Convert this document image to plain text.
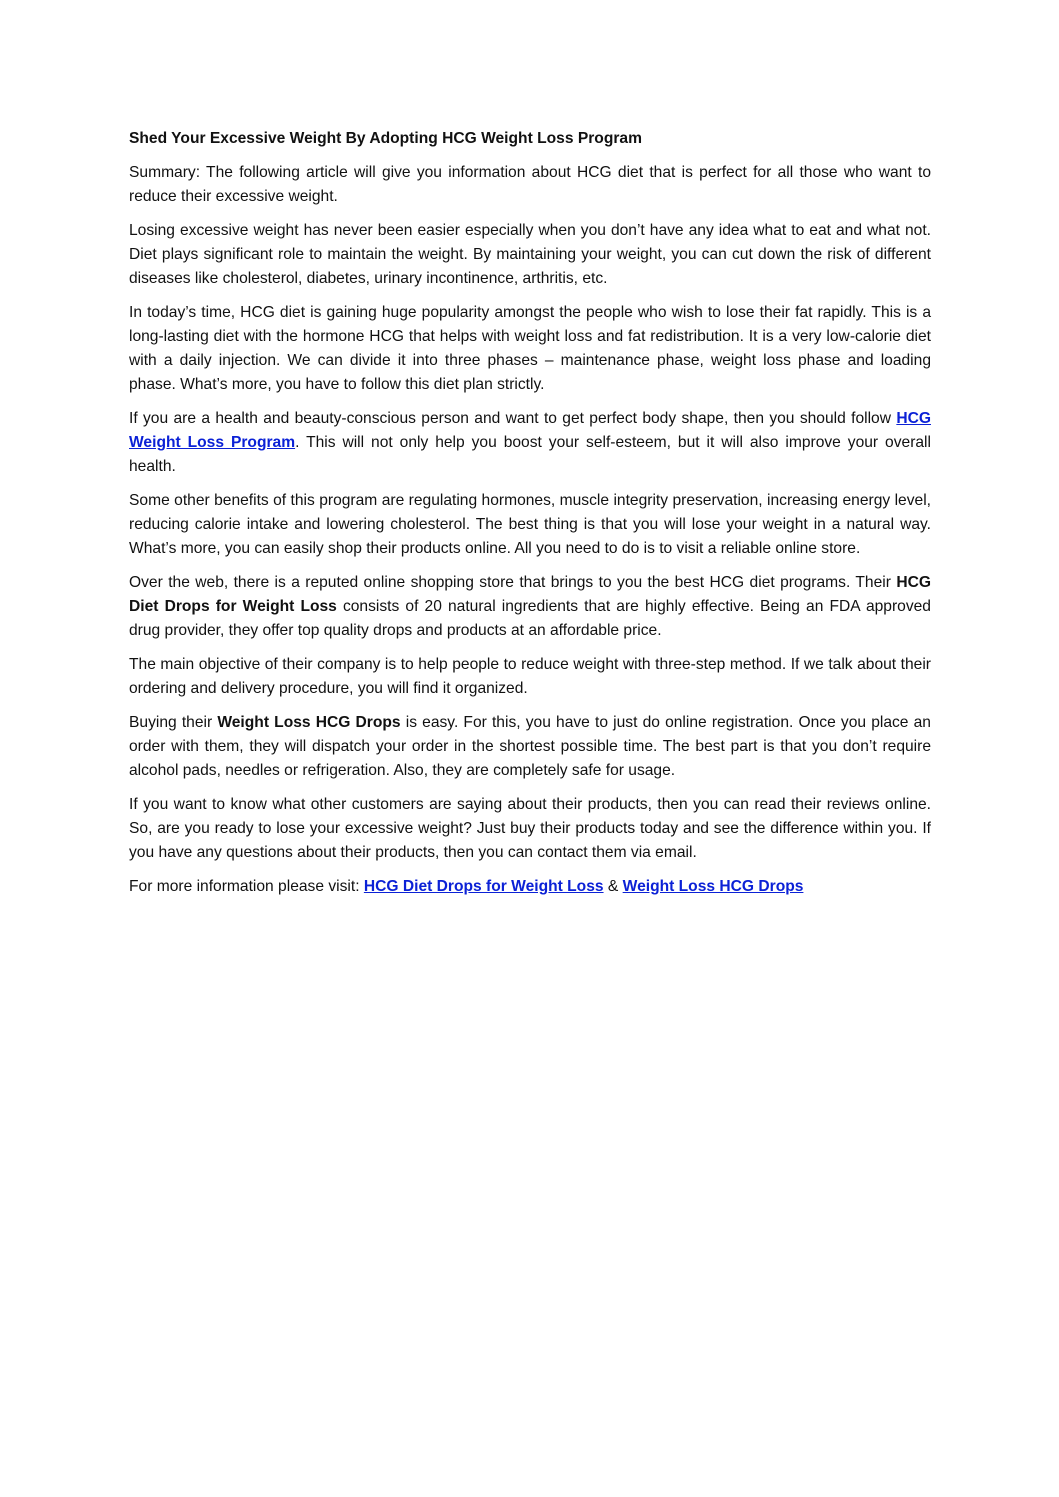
Shed Your Excessive Weight By Adopting HCG Weight Loss Program

Summary: The following article will give you information about HCG diet that is perfect for all those who want to reduce their excessive weight.

Losing excessive weight has never been easier especially when you don’t have any idea what to eat and what not. Diet plays significant role to maintain the weight. By maintaining your weight, you can cut down the risk of different diseases like cholesterol, diabetes, urinary incontinence, arthritis, etc.

In today’s time, HCG diet is gaining huge popularity amongst the people who wish to lose their fat rapidly. This is a long-lasting diet with the hormone HCG that helps with weight loss and fat redistribution. It is a very low-calorie diet with a daily injection. We can divide it into three phases – maintenance phase, weight loss phase and loading phase. What’s more, you have to follow this diet plan strictly.

If you are a health and beauty-conscious person and want to get perfect body shape, then you should follow HCG Weight Loss Program. This will not only help you boost your self-esteem, but it will also improve your overall health.

Some other benefits of this program are regulating hormones, muscle integrity preservation, increasing energy level, reducing calorie intake and lowering cholesterol. The best thing is that you will lose your weight in a natural way. What’s more, you can easily shop their products online. All you need to do is to visit a reliable online store.

Over the web, there is a reputed online shopping store that brings to you the best HCG diet programs. Their HCG Diet Drops for Weight Loss consists of 20 natural ingredients that are highly effective. Being an FDA approved drug provider, they offer top quality drops and products at an affordable price.

The main objective of their company is to help people to reduce weight with three-step method. If we talk about their ordering and delivery procedure, you will find it organized.

Buying their Weight Loss HCG Drops is easy. For this, you have to just do online registration. Once you place an order with them, they will dispatch your order in the shortest possible time. The best part is that you don’t require alcohol pads, needles or refrigeration. Also, they are completely safe for usage.

If you want to know what other customers are saying about their products, then you can read their reviews online. So, are you ready to lose your excessive weight? Just buy their products today and see the difference within you. If you have any questions about their products, then you can contact them via email.

For more information please visit: HCG Diet Drops for Weight Loss & Weight Loss HCG Drops
